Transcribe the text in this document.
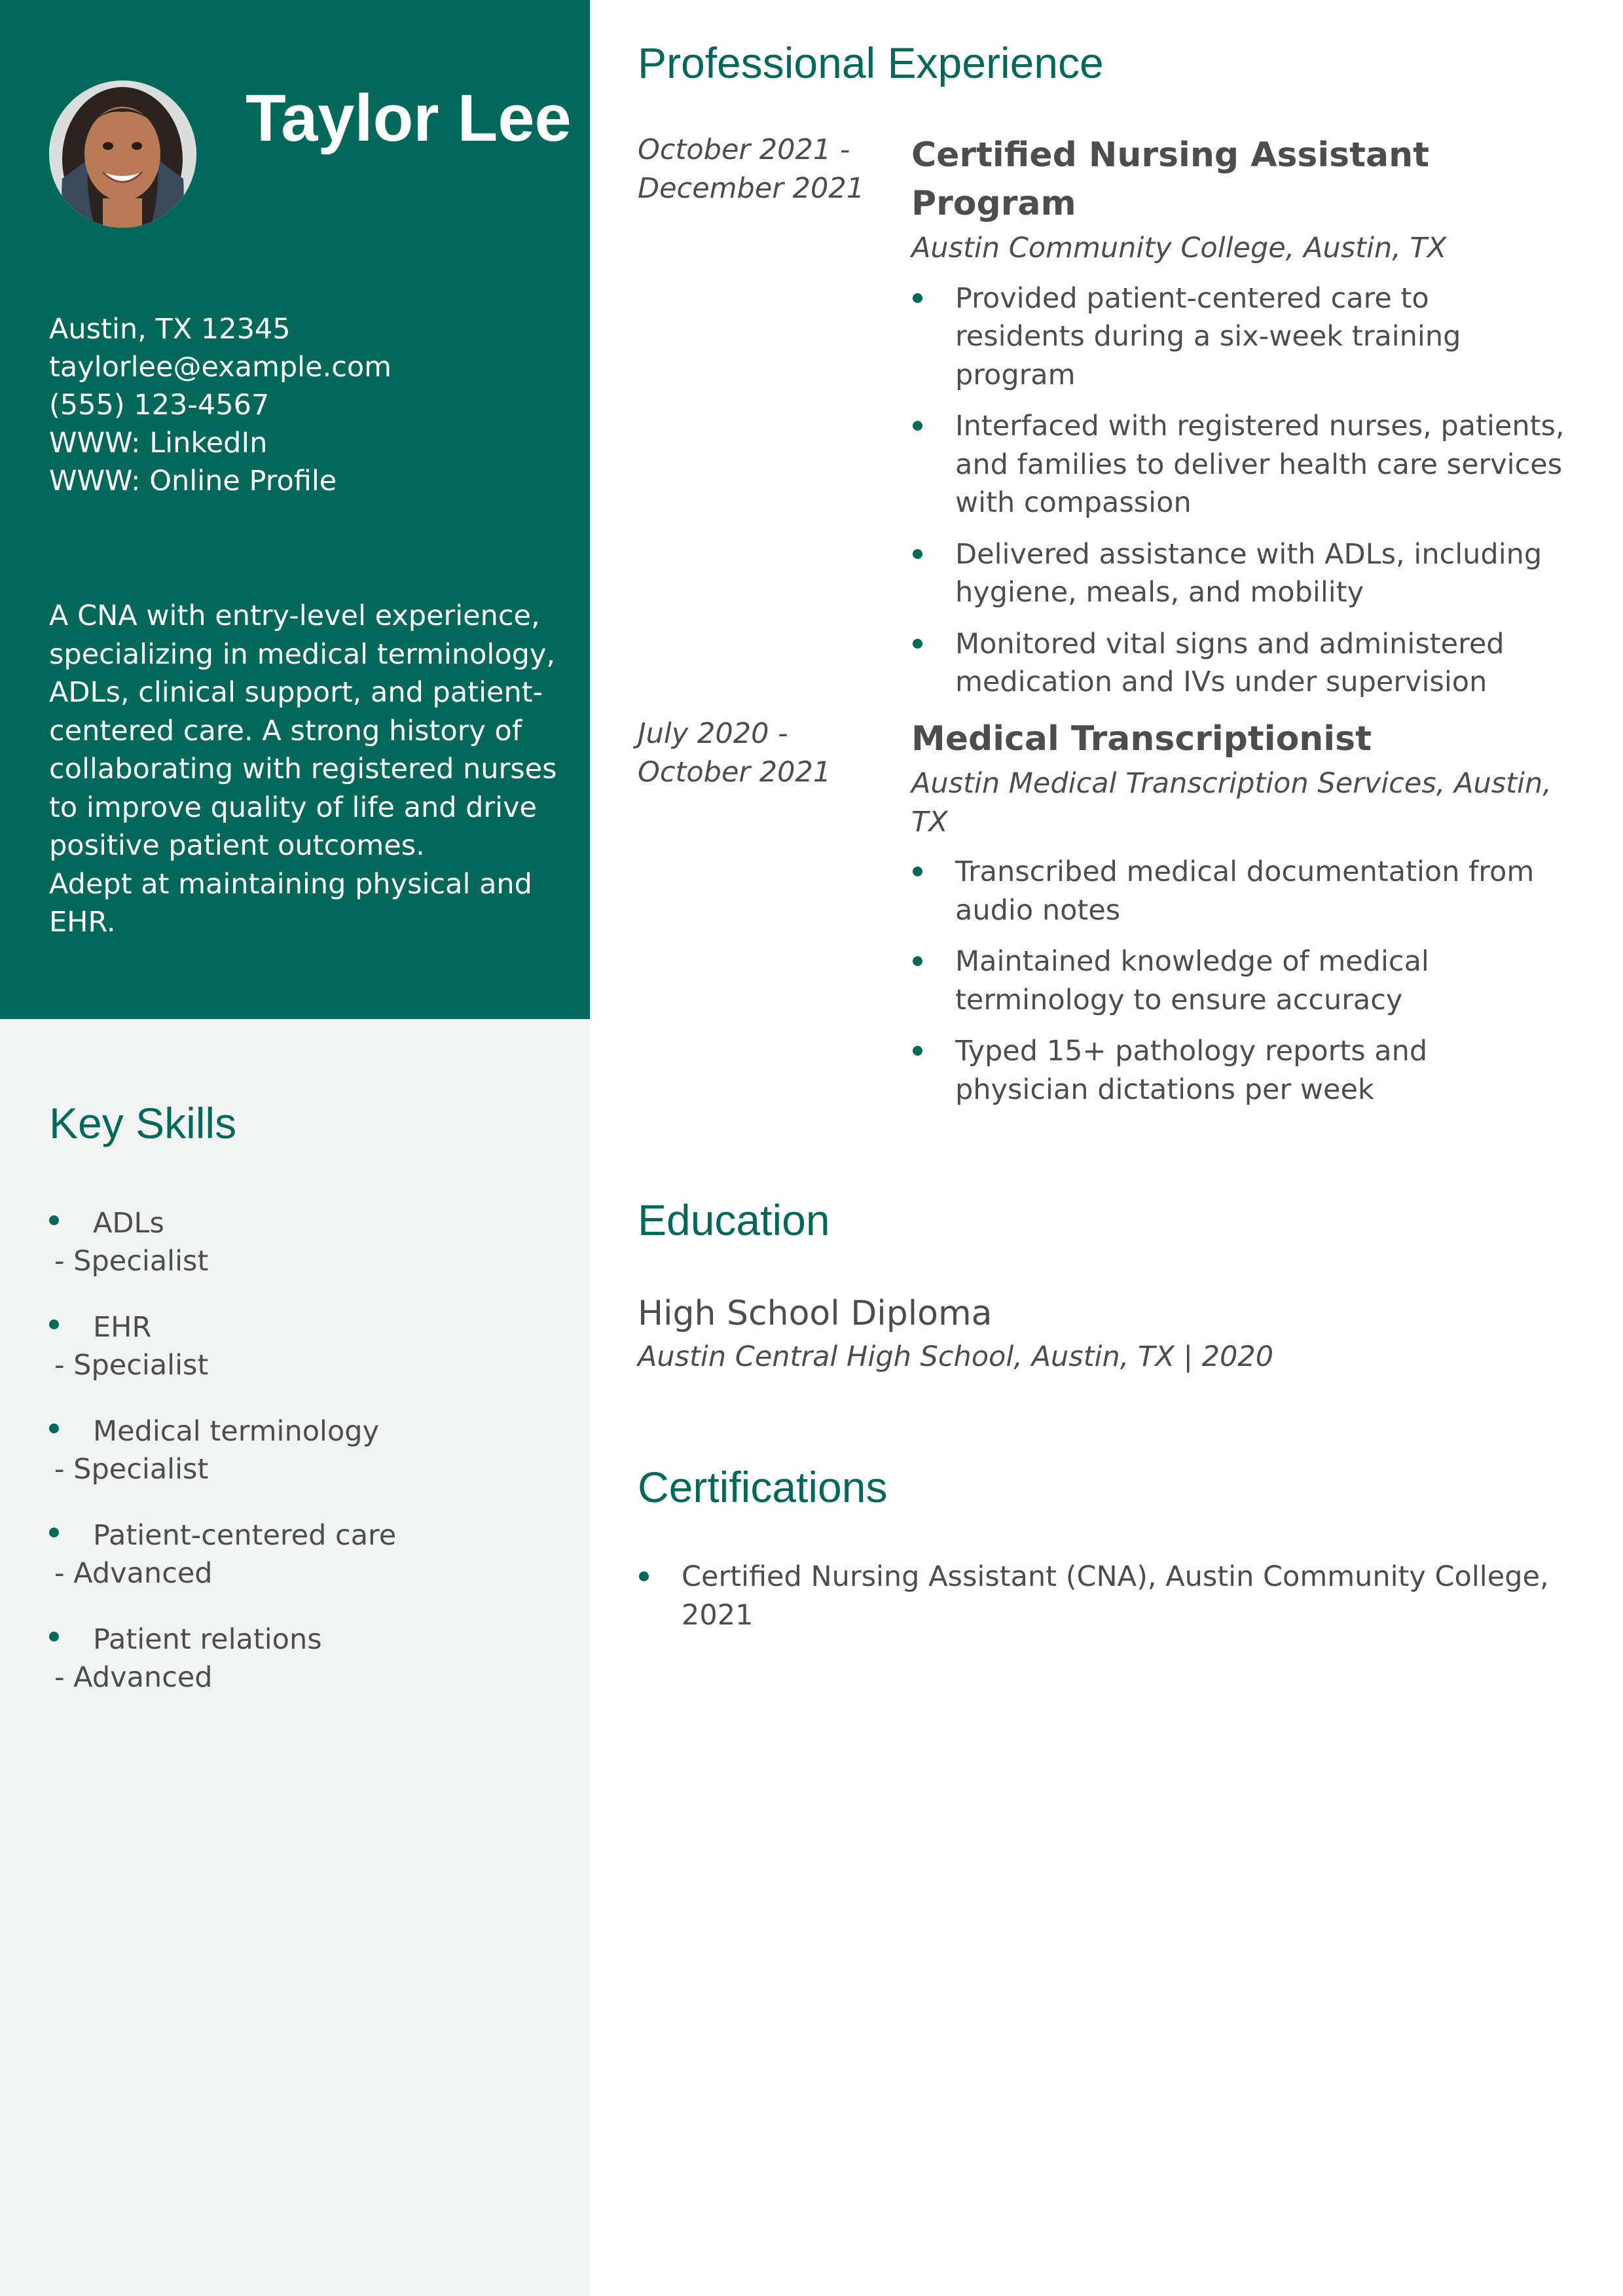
Taylor Lee
Austin, TX 12345
taylorlee@example.com
(555) 123-4567
WWW: LinkedIn
WWW: Online Profile

A CNA with entry-level experience, specializing in medical terminology, ADLs, clinical support, and patient-centered care. A strong history of collaborating with registered nurses to improve quality of life and drive positive patient outcomes.

Adept at maintaining physical and EHR.

Key Skills
ADLs
- Specialist
EHR
- Specialist
Medical terminology
- Specialist
Patient-centered care
- Advanced
Patient relations
- Advanced
Professional Experience
October 2021 - December 2021
Certified Nursing Assistant Program
Austin Community College, Austin, TX
Provided patient-centered care to residents during a six-week training program
Interfaced with registered nurses, patients, and families to deliver health care services with compassion
Delivered assistance with ADLs, including hygiene, meals, and mobility
Monitored vital signs and administered medication and IVs under supervision
July 2020 - October 2021
Medical Transcriptionist
Austin Medical Transcription Services, Austin, TX
Transcribed medical documentation from audio notes
Maintained knowledge of medical terminology to ensure accuracy
Typed 15+ pathology reports and physician dictations per week
Education
High School Diploma
Austin Central High School, Austin, TX | 2020
Certifications
Certified Nursing Assistant (CNA), Austin Community College, 2021
